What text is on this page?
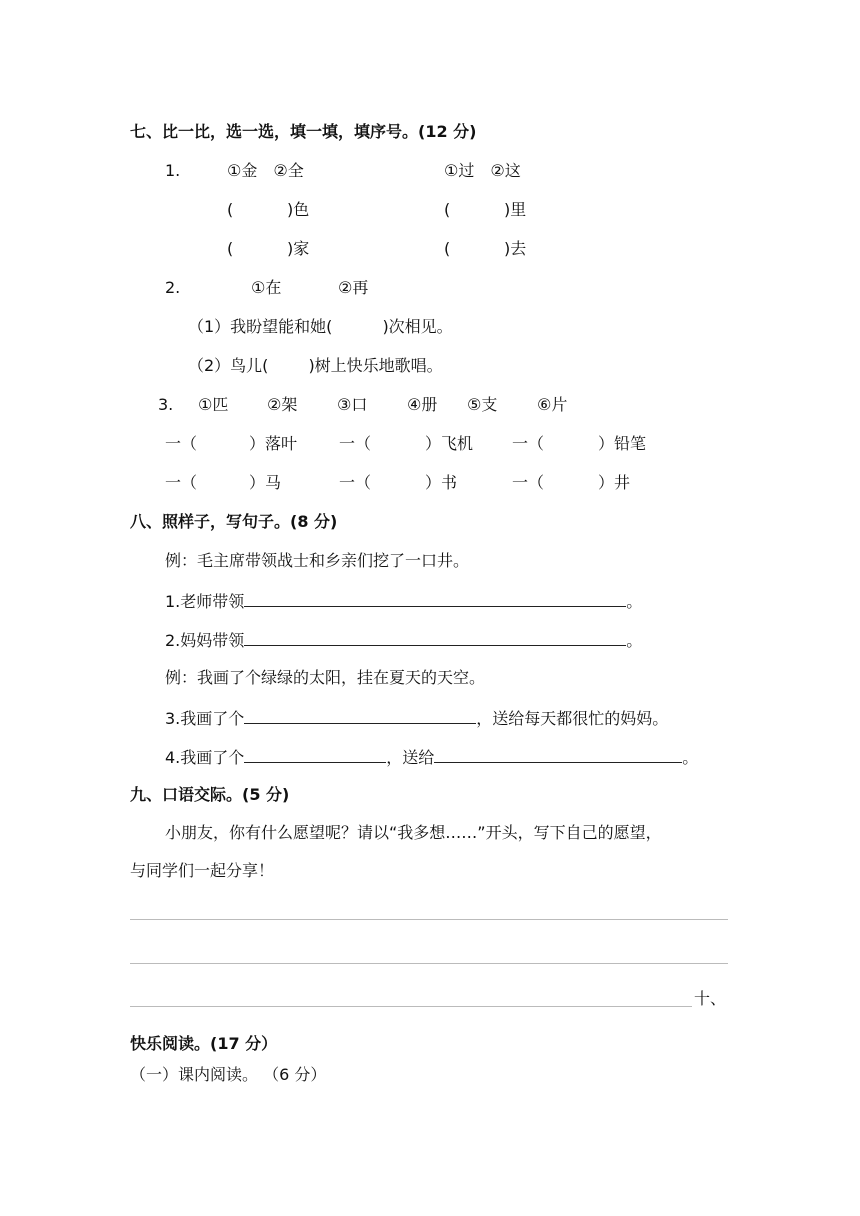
七、比一比，选一选，填一填，填序号。(12 分)
1.	①金　②全	①过　②这
(	)色	(	)里
(	)家	(	)去
2.	①在	②再
（1）我盼望能和她(	)次相见。
（2）鸟儿(	)树上快乐地歌唱。
3. ①匹 ②架 ③口 ④册 ⑤支 ⑥片
一（	）落叶	一（	）飞机 一（	）铅笔
一（	）马	一（	）书	一（	）井
八、照样子，写句子。(8 分)
例：毛主席带领战士和乡亲们挖了一口井。
1.老师带领	。
2.妈妈带领	。
例：我画了个绿绿的太阳，挂在夏天的天空。
3.我画了个	，送给每天都很忙的妈妈。
4.我画了个	，送给	。
九、口语交际。(5 分)
小朋友，你有什么愿望呢？请以“我多想……”开头，写下自己的愿望，
与同学们一起分享！
十、
快乐阅读。(17 分）
（一）课内阅读。 （6 分）
